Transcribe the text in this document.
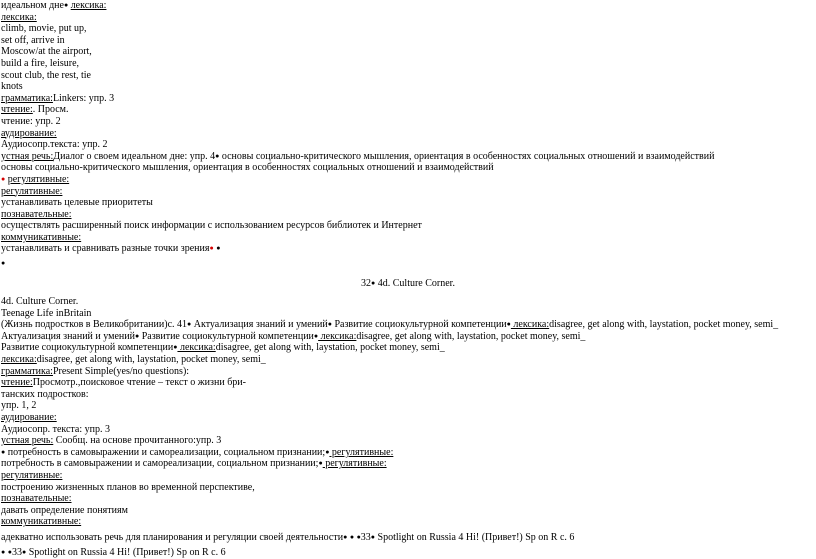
идеальном дне● лексика:
лексика:
climb, movie, put up,
set off, arrive in
Moscow/at the airport,
build a fire, leisure,
scout club, the rest, tie
knots
грамматика:Linkers: упр. 3
чтение:. Просм.
чтение: упр. 2
аудирование:
Аудиосопр.текста: упр. 2
устная речь:Диалог о своем идеальном дне: упр. 4● основы социально-критического мышления, ориентация в особенностях социальных отношений и взаимодействий
основы социально-критического мышления, ориентация в особенностях социальных отношений и взаимодействий
● регулятивные:
регулятивные:
устанавливать целевые приоритеты
познавательные:
осуществлять расширенный поиск информации с использованием ресурсов библиотек и Интернет
коммуникативные:
устанавливать и сравнивать разные точки зрения● ●
●
32● 4d. Culture Corner.
4d. Culture Corner.
Teenage Life inBritain
(Жизнь подростков в Великобритании)с. 41● Актуализация знаний и умений● Развитие социокультурной компетенции● лексика:disagree, get along with, laystation, pocket money, semi_
Актуализация знаний и умений● Развитие социокультурной компетенции● лексика:disagree, get along with, laystation, pocket money, semi_
Развитие социокультурной компетенции● лексика:disagree, get along with, laystation, pocket money, semi_
лексика:disagree, get along with, laystation, pocket money, semi_
грамматика:Present Simple(yes/no questions):
чтение:Просмотр.,поисковое чтение – текст о жизни бри-
танских подростков:
упр. 1, 2
аудирование:
Аудиосопр. текста: упр. 3
устная речь: Сообщ. на основе прочитанного:упр. 3
● потребность в самовыражении и самореализации, социальном признании;● регулятивные:
потребность в самовыражении и самореализации, социальном признании;● регулятивные:
регулятивные:
построению жизненных планов во временной перспективе,
познавательные:
давать определение понятиям
коммуникативные:
адекватно использовать речь для планирования и регуляции своей деятельности● ● ●33● Spotlight on Russia 4 Hi! (Привет!) Sp on R с. 6
● ●33● Spotlight on Russia 4 Hi! (Привет!) Sp on R с. 6
